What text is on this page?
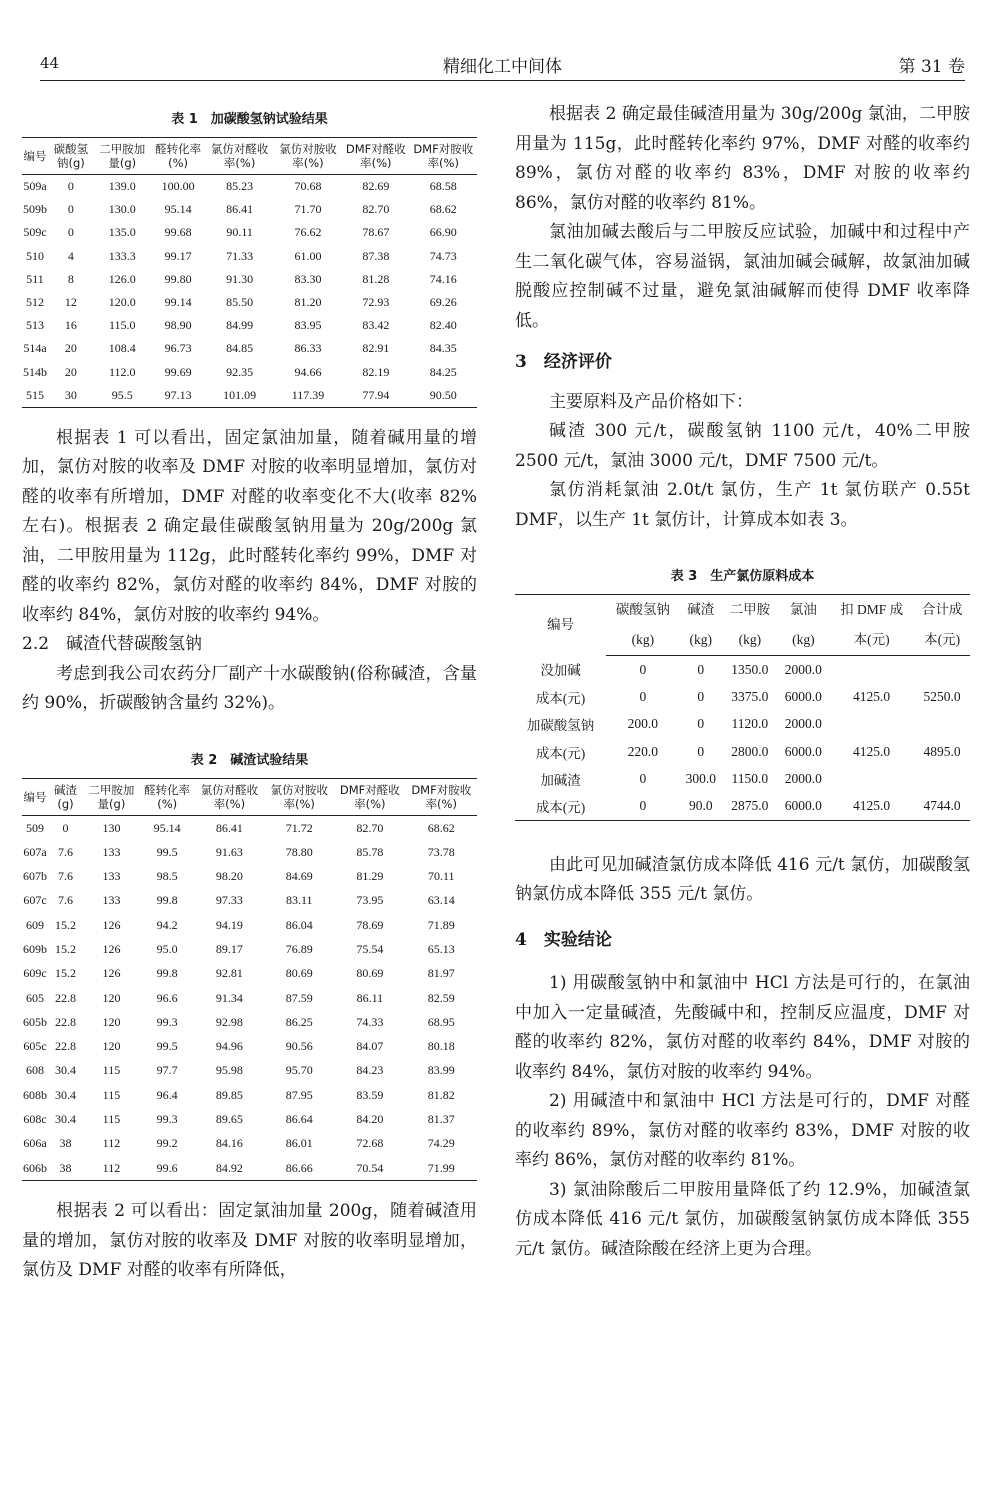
44	精细化工中间体	第 31 卷
表 1　加碳酸氢钠试验结果
编号	碳酸氢钠(g)	二甲胺加量(g)	醛转化率(%)	氯仿对醛收率(%)	氯仿对胺收率(%)	DMF对醛收率(%)	DMF对胺收率(%)
509a	0	139.0	100.00	85.23	70.68	82.69	68.58
509b	0	130.0	95.14	86.41	71.70	82.70	68.62
509c	0	135.0	99.68	90.11	76.62	78.67	66.90
510	4	133.3	99.17	71.33	61.00	87.38	74.73
511	8	126.0	99.80	91.30	83.30	81.28	74.16
512	12	120.0	99.14	85.50	81.20	72.93	69.26
513	16	115.0	98.90	84.99	83.95	83.42	82.40
514a	20	108.4	96.73	84.85	86.33	82.91	84.35
514b	20	112.0	99.69	92.35	94.66	82.19	84.25
515	30	95.5	97.13	101.09	117.39	77.94	90.50

根据表 1 可以看出，固定氯油加量，随着碱用量的增加，氯仿对胺的收率及 DMF 对胺的收率明显增加，氯仿对醛的收率有所增加，DMF 对醛的收率变化不大(收率 82%左右)。根据表 2 确定最佳碳酸氢钠用量为 20g/200g 氯油，二甲胺用量为 112g，此时醛转化率约 99%，DMF 对醛的收率约 82%，氯仿对醛的收率约 84%，DMF 对胺的收率约 84%，氯仿对胺的收率约 94%。

2.2　碱渣代替碳酸氢钠

考虑到我公司农药分厂副产十水碳酸钠(俗称碱渣，含量约 90%，折碳酸钠含量约 32%)。

表 2　碱渣试验结果
编号	碱渣(g)	二甲胺加量(g)	醛转化率(%)	氯仿对醛收率(%)	氯仿对胺收率(%)	DMF对醛收率(%)	DMF对胺收率(%)
509	0	130	95.14	86.41	71.72	82.70	68.62
607a	7.6	133	99.5	91.63	78.80	85.78	73.78
607b	7.6	133	98.5	98.20	84.69	81.29	70.11
607c	7.6	133	99.8	97.33	83.11	73.95	63.14
609	15.2	126	94.2	94.19	86.04	78.69	71.89
609b	15.2	126	95.0	89.17	76.89	75.54	65.13
609c	15.2	126	99.8	92.81	80.69	80.69	81.97
605	22.8	120	96.6	91.34	87.59	86.11	82.59
605b	22.8	120	99.3	92.98	86.25	74.33	68.95
605c	22.8	120	99.5	94.96	90.56	84.07	80.18
608	30.4	115	97.7	95.98	95.70	84.23	83.99
608b	30.4	115	96.4	89.85	87.95	83.59	81.82
608c	30.4	115	99.3	89.65	86.64	84.20	81.37
606a	38	112	99.2	84.16	86.01	72.68	74.29
606b	38	112	99.6	84.92	86.66	70.54	71.99

根据表 2 可以看出：固定氯油加量 200g，随着碱渣用量的增加，氯仿对胺的收率及 DMF 对胺的收率明显增加，氯仿及 DMF 对醛的收率有所降低，

根据表 2 确定最佳碱渣用量为 30g/200g 氯油，二甲胺用量为 115g，此时醛转化率约 97%，DMF 对醛的收率约 89%，氯仿对醛的收率约 83%，DMF 对胺的收率约 86%，氯仿对醛的收率约 81%。

氯油加碱去酸后与二甲胺反应试验，加碱中和过程中产生二氧化碳气体，容易溢锅，氯油加碱会碱解，故氯油加碱脱酸应控制碱不过量，避免氯油碱解而使得 DMF 收率降低。

3　经济评价

主要原料及产品价格如下：

碱渣 300 元/t，碳酸氢钠 1100 元/t，40%二甲胺 2500 元/t，氯油 3000 元/t，DMF 7500 元/t。

氯仿消耗氯油 2.0t/t 氯仿，生产 1t 氯仿联产 0.55t DMF，以生产 1t 氯仿计，计算成本如表 3。

表 3　生产氯仿原料成本
编号	碳酸氢钠	碱渣	二甲胺	氯油	扣 DMF 成	合计成
	(kg)	(kg)	(kg)	(kg)	本(元)	本(元)
没加碱	0	0	1350.0	2000.0		
成本(元)	0	0	3375.0	6000.0	4125.0	5250.0
加碳酸氢钠	200.0	0	1120.0	2000.0		
成本(元)	220.0	0	2800.0	6000.0	4125.0	4895.0
加碱渣	0	300.0	1150.0	2000.0		
成本(元)	0	90.0	2875.0	6000.0	4125.0	4744.0

由此可见加碱渣氯仿成本降低 416 元/t 氯仿，加碳酸氢钠氯仿成本降低 355 元/t 氯仿。

4　实验结论

1) 用碳酸氢钠中和氯油中 HCl 方法是可行的，在氯油中加入一定量碱渣，先酸碱中和，控制反应温度，DMF 对醛的收率约 82%，氯仿对醛的收率约 84%，DMF 对胺的收率约 84%，氯仿对胺的收率约 94%。

2) 用碱渣中和氯油中 HCl 方法是可行的，DMF 对醛的收率约 89%，氯仿对醛的收率约 83%，DMF 对胺的收率约 86%，氯仿对醛的收率约 81%。

3) 氯油除酸后二甲胺用量降低了约 12.9%，加碱渣氯仿成本降低 416 元/t 氯仿，加碳酸氢钠氯仿成本降低 355 元/t 氯仿。碱渣除酸在经济上更为合理。
